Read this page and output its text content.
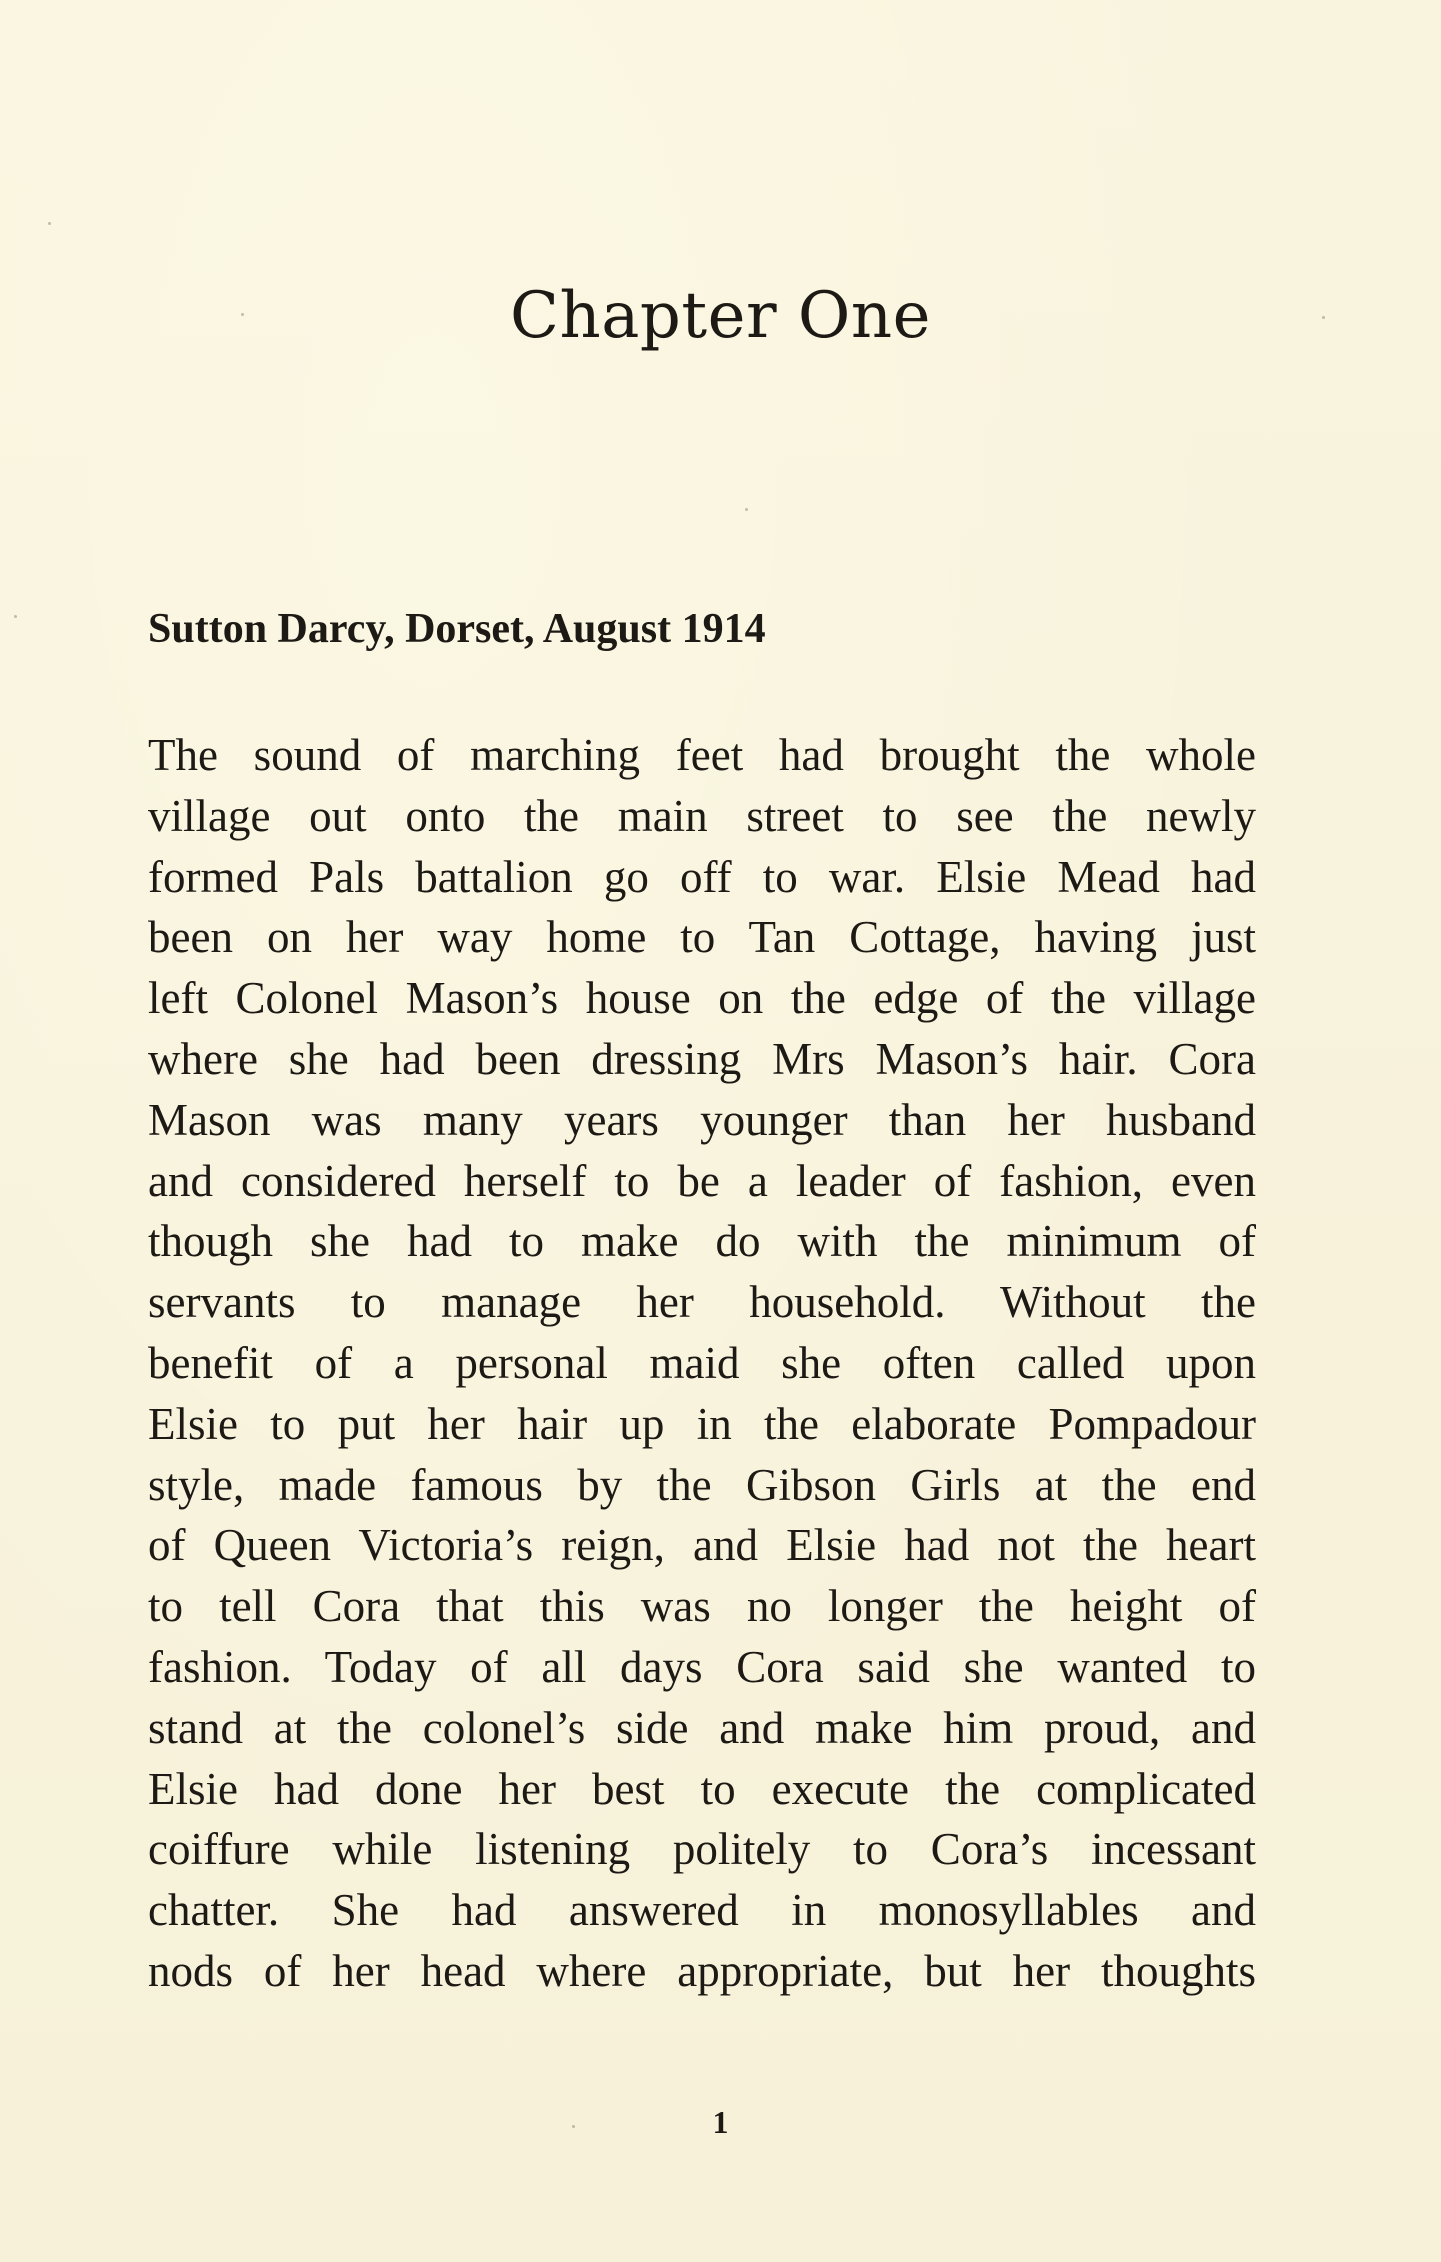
Chapter One
Sutton Darcy, Dorset, August 1914
The sound of marching feet had brought the whole
village out onto the main street to see the newly
formed Pals battalion go off to war. Elsie Mead had
been on her way home to Tan Cottage, having just
left Colonel Mason’s house on the edge of the village
where she had been dressing Mrs Mason’s hair. Cora
Mason was many years younger than her husband
and considered herself to be a leader of fashion, even
though she had to make do with the minimum of
servants to manage her household. Without the
benefit of a personal maid she often called upon
Elsie to put her hair up in the elaborate Pompadour
style, made famous by the Gibson Girls at the end
of Queen Victoria’s reign, and Elsie had not the heart
to tell Cora that this was no longer the height of
fashion. Today of all days Cora said she wanted to
stand at the colonel’s side and make him proud, and
Elsie had done her best to execute the complicated
coiffure while listening politely to Cora’s incessant
chatter. She had answered in monosyllables and
nods of her head where appropriate, but her thoughts
1
